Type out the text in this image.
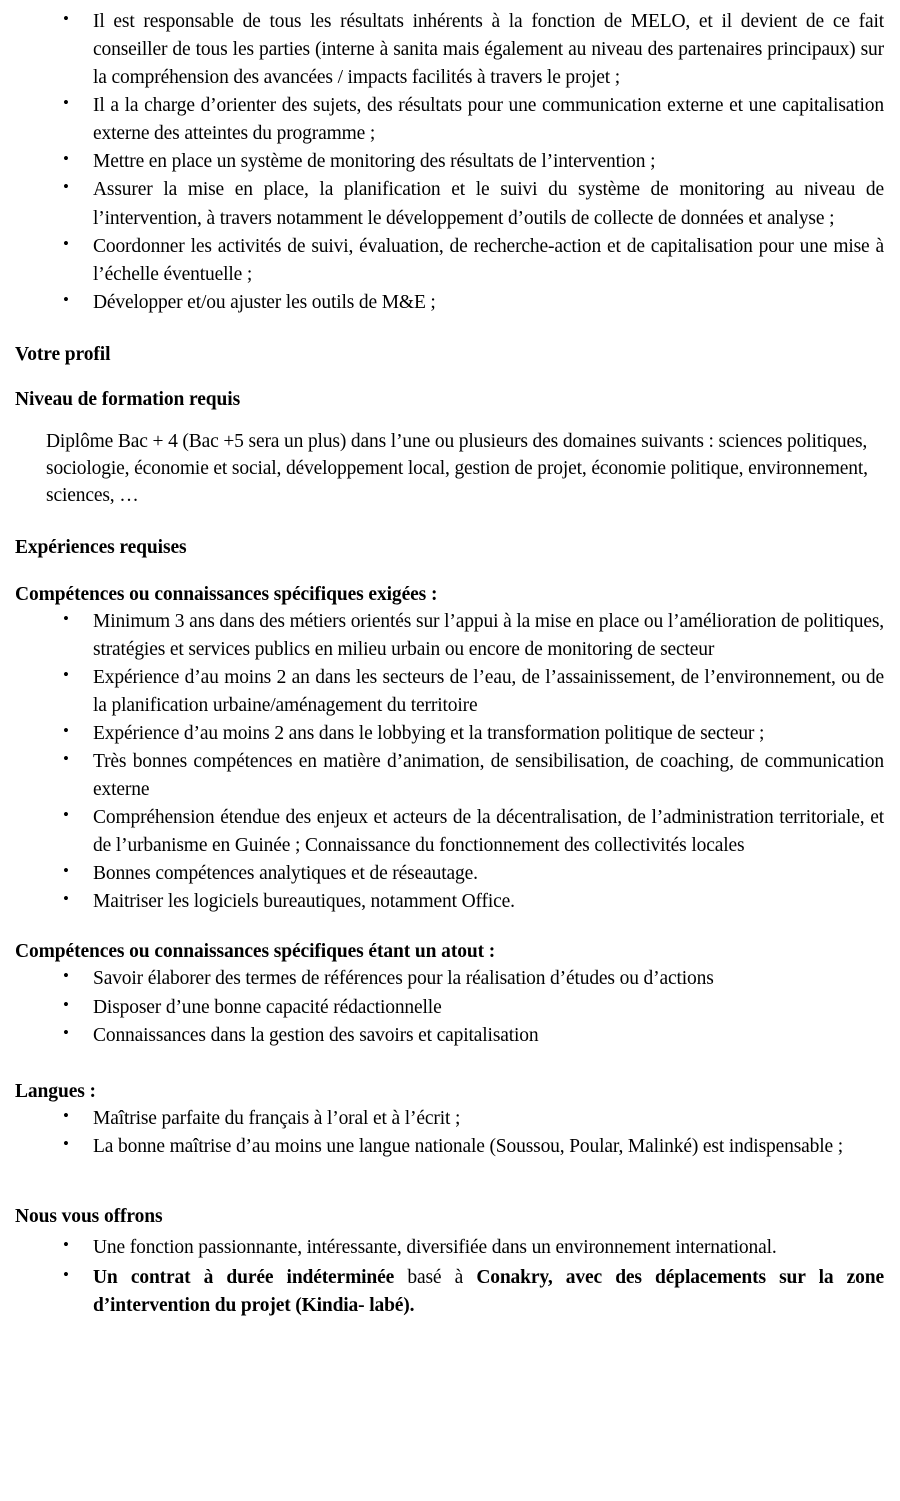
• Il est responsable de tous les résultats inhérents à la fonction de MELO, et il devient de ce fait conseiller de tous les parties (interne à sanita mais également au niveau des partenaires principaux) sur la compréhension des avancées / impacts facilités à travers le projet ;
• Il a la charge d’orienter des sujets, des résultats pour une communication externe et une capitalisation externe des atteintes du programme ;
• Mettre en place un système de monitoring des résultats de l’intervention ;
• Assurer la mise en place, la planification et le suivi du système de monitoring au niveau de l’intervention, à travers notamment le développement d’outils de collecte de données et analyse ;
• Coordonner les activités de suivi, évaluation, de recherche-action et de capitalisation pour une mise à l’échelle éventuelle ;
• Développer et/ou ajuster les outils de M&E ;
Votre profil
Niveau de formation requis

Diplôme Bac + 4 (Bac +5 sera un plus) dans l’une ou plusieurs des domaines suivants : sciences politiques, sociologie, économie et social, développement local, gestion de projet, économie politique, environnement, sciences, …

Expériences requises
Compétences ou connaissances spécifiques exigées :
• Minimum 3 ans dans des métiers orientés sur l’appui à la mise en place ou l’amélioration de politiques, stratégies et services publics en milieu urbain ou encore de monitoring de secteur
• Expérience d’au moins 2 an dans les secteurs de l’eau, de l’assainissement, de l’environnement, ou de la planification urbaine/aménagement du territoire
• Expérience d’au moins 2 ans dans le lobbying et la transformation politique de secteur ;
• Très bonnes compétences en matière d’animation, de sensibilisation, de coaching, de communication externe
• Compréhension étendue des enjeux et acteurs de la décentralisation, de l’administration territoriale, et de l’urbanisme en Guinée ; Connaissance du fonctionnement des collectivités locales
• Bonnes compétences analytiques et de réseautage.
• Maitriser les logiciels bureautiques, notamment Office.
Compétences ou connaissances spécifiques étant un atout :
• Savoir élaborer des termes de références pour la réalisation d’études ou d’actions
• Disposer d’une bonne capacité rédactionnelle
• Connaissances dans la gestion des savoirs et capitalisation
Langues :
• Maîtrise parfaite du français à l’oral et à l’écrit ;
• La bonne maîtrise d’au moins une langue nationale (Soussou, Poular, Malinké) est indispensable ;
Nous vous offrons
• Une fonction passionnante, intéressante, diversifiée dans un environnement international.
• Un contrat à durée indéterminée basé à Conakry, avec des déplacements sur la zone d’intervention du projet (Kindia- labé).
